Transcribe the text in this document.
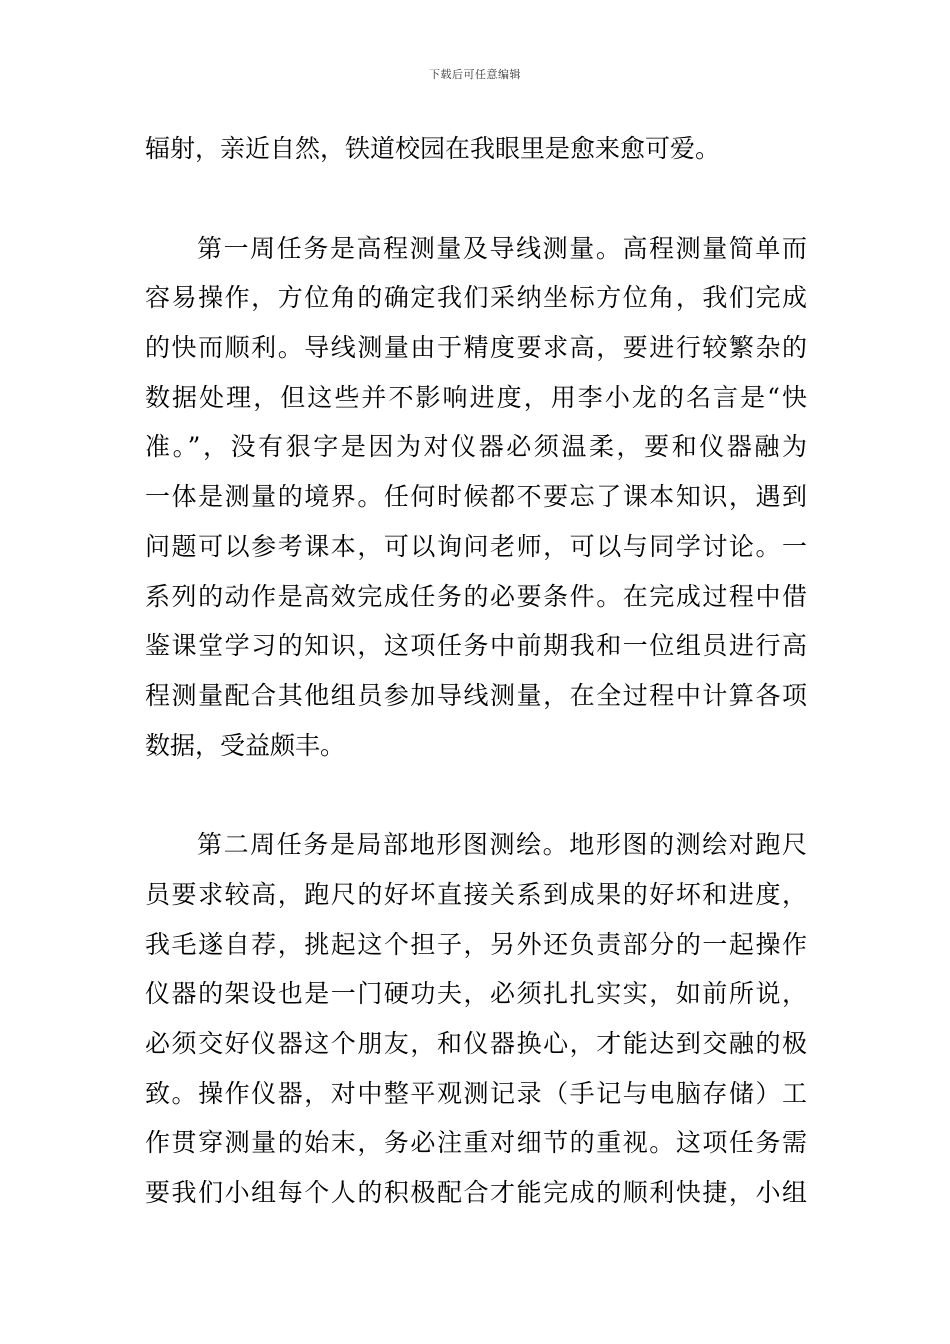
下载后可任意编辑
辐射，亲近自然，铁道校园在我眼里是愈来愈可爱。
第一周任务是高程测量及导线测量。高程测量简单而
容易操作，方位角的确定我们采纳坐标方位角，我们完成
的快而顺利。导线测量由于精度要求高，要进行较繁杂的
数据处理，但这些并不影响进度，用李小龙的名言是“快
准。”，没有狠字是因为对仪器必须温柔，要和仪器融为
一体是测量的境界。任何时候都不要忘了课本知识，遇到
问题可以参考课本，可以询问老师，可以与同学讨论。一
系列的动作是高效完成任务的必要条件。在完成过程中借
鉴课堂学习的知识，这项任务中前期我和一位组员进行高
程测量配合其他组员参加导线测量，在全过程中计算各项
数据，受益颇丰。
第二周任务是局部地形图测绘。地形图的测绘对跑尺
员要求较高，跑尺的好坏直接关系到成果的好坏和进度，
我毛遂自荐，挑起这个担子，另外还负责部分的一起操作
仪器的架设也是一门硬功夫，必须扎扎实实，如前所说，
必须交好仪器这个朋友，和仪器换心，才能达到交融的极
致。操作仪器，对中整平观测记录（手记与电脑存储）工
作贯穿测量的始末，务必注重对细节的重视。这项任务需
要我们小组每个人的积极配合才能完成的顺利快捷，小组
